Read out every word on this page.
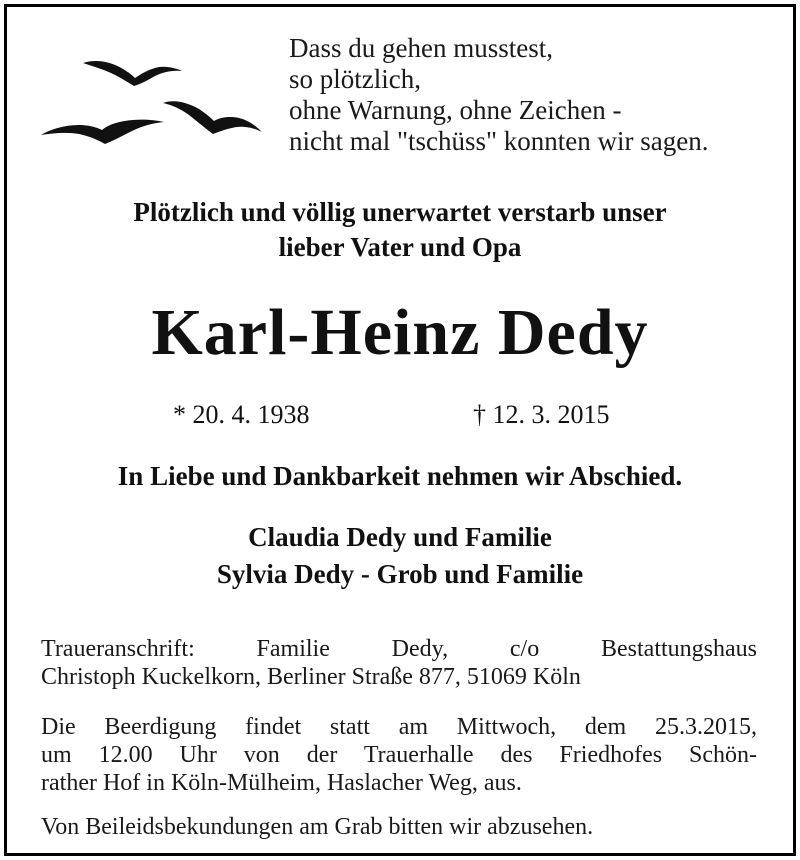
Dass du gehen musstest,
so plötzlich,
ohne Warnung, ohne Zeichen -
nicht mal "tschüss" konnten wir sagen.
Plötzlich und völlig unerwartet verstarb unser
lieber Vater und Opa
Karl-Heinz Dedy
* 20. 4. 1938	† 12. 3. 2015
In Liebe und Dankbarkeit nehmen wir Abschied.
Claudia Dedy und Familie
Sylvia Dedy - Grob und Familie
Traueranschrift: Familie Dedy, c/o Bestattungshaus
Christoph Kuckelkorn, Berliner Straße 877, 51069 Köln
Die Beerdigung findet statt am Mittwoch, dem 25.3.2015,
um 12.00 Uhr von der Trauerhalle des Friedhofes Schön-
rather Hof in Köln-Mülheim, Haslacher Weg, aus.
Von Beileidsbekundungen am Grab bitten wir abzusehen.
